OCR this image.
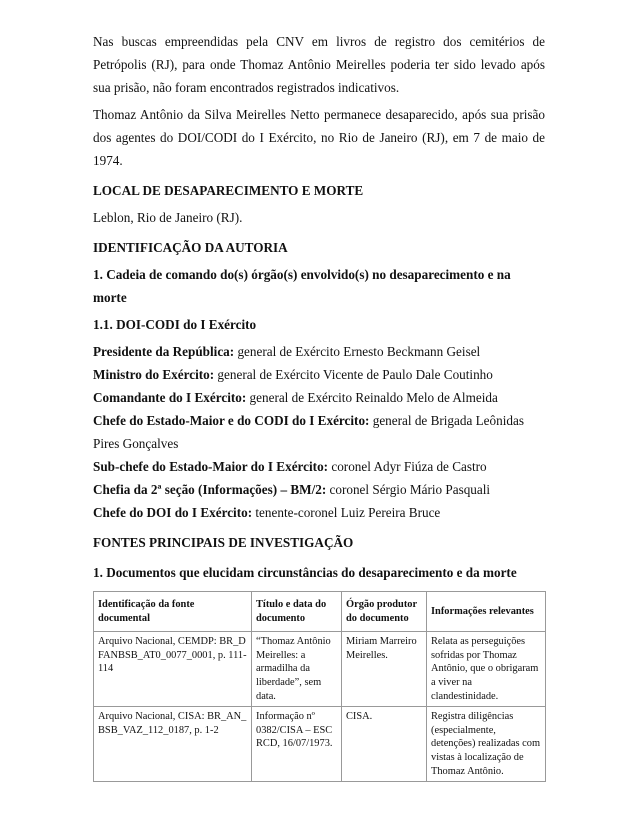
Nas buscas empreendidas pela CNV em livros de registro dos cemitérios de Petrópolis (RJ), para onde Thomaz Antônio Meirelles poderia ter sido levado após sua prisão, não foram encontrados registrados indicativos.

Thomaz Antônio da Silva Meirelles Netto permanece desaparecido, após sua prisão dos agentes do DOI/CODI do I Exército, no Rio de Janeiro (RJ), em 7 de maio de 1974.

LOCAL DE DESAPARECIMENTO E MORTE

Leblon, Rio de Janeiro (RJ).

IDENTIFICAÇÃO DA AUTORIA

1. Cadeia de comando do(s) órgão(s) envolvido(s) no desaparecimento e na morte

1.1. DOI-CODI do I Exército

Presidente da República: general de Exército Ernesto Beckmann Geisel

Ministro do Exército: general de Exército Vicente de Paulo Dale Coutinho

Comandante do I Exército: general de Exército Reinaldo Melo de Almeida

Chefe do Estado-Maior e do CODI do I Exército: general de Brigada Leônidas Pires Gonçalves

Sub-chefe do Estado-Maior do I Exército: coronel Adyr Fiúza de Castro

Chefia da 2ª seção (Informações) – BM/2: coronel Sérgio Mário Pasquali

Chefe do DOI do I Exército: tenente-coronel Luiz Pereira Bruce

FONTES PRINCIPAIS DE INVESTIGAÇÃO

1. Documentos que elucidam circunstâncias do desaparecimento e da morte

Identificação da fonte documental	Título e data do documento	Órgão produtor do documento	Informações relevantes
Arquivo Nacional, CEMDP: BR_DFANBSB_AT0_0077_0001, p. 111-114	“Thomaz Antônio Meirelles: a armadilha da liberdade”, sem data.	Miriam Marreiro Meirelles.	Relata as perseguições sofridas por Thomaz Antônio, que o obrigaram a viver na clandestinidade.
Arquivo Nacional, CISA: BR_AN_BSB_VAZ_112_0187, p. 1-2	Informação nº 0382/CISA – ESC RCD, 16/07/1973.	CISA.	Registra diligências (especialmente, detenções) realizadas com vistas à localização de Thomaz Antônio.
